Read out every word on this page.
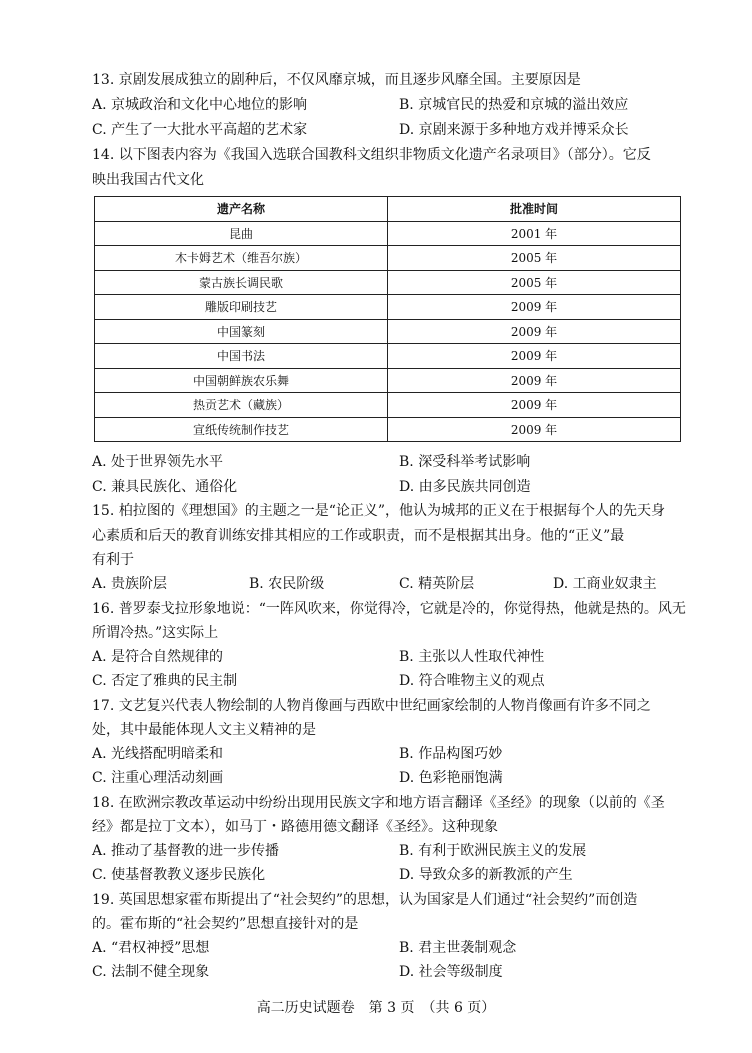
13. 京剧发展成独立的剧种后，不仅风靡京城，而且逐步风靡全国。主要原因是
A. 京城政治和文化中心地位的影响	B. 京城官民的热爱和京城的溢出效应
C. 产生了一大批水平高超的艺术家	D. 京剧来源于多种地方戏并博采众长
14. 以下图表内容为《我国入选联合国教科文组织非物质文化遗产名录项目》（部分）。它反
映出我国古代文化
遗产名称	批准时间
昆曲	2001 年
木卡姆艺术（维吾尔族）	2005 年
蒙古族长调民歌	2005 年
雕版印刷技艺	2009 年
中国篆刻	2009 年
中国书法	2009 年
中国朝鲜族农乐舞	2009 年
热贡艺术（藏族）	2009 年
宣纸传统制作技艺	2009 年
A. 处于世界领先水平	B. 深受科举考试影响
C. 兼具民族化、通俗化	D. 由多民族共同创造
15. 柏拉图的《理想国》的主题之一是“论正义”，他认为城邦的正义在于根据每个人的先天身
心素质和后天的教育训练安排其相应的工作或职责，而不是根据其出身。他的“正义”最
有利于
A. 贵族阶层	B. 农民阶级	C. 精英阶层	D. 工商业奴隶主
16. 普罗泰戈拉形象地说：“一阵风吹来，你觉得冷，它就是冷的，你觉得热，他就是热的。风无
所谓冷热。”这实际上
A. 是符合自然规律的	B. 主张以人性取代神性
C. 否定了雅典的民主制	D. 符合唯物主义的观点
17. 文艺复兴代表人物绘制的人物肖像画与西欧中世纪画家绘制的人物肖像画有许多不同之
处，其中最能体现人文主义精神的是
A. 光线搭配明暗柔和	B. 作品构图巧妙
C. 注重心理活动刻画	D. 色彩艳丽饱满
18. 在欧洲宗教改革运动中纷纷出现用民族文字和地方语言翻译《圣经》的现象（以前的《圣
经》都是拉丁文本），如马丁・路德用德文翻译《圣经》。这种现象
A. 推动了基督教的进一步传播	B. 有利于欧洲民族主义的发展
C. 使基督教教义逐步民族化	D. 导致众多的新教派的产生
19. 英国思想家霍布斯提出了“社会契约”的思想，认为国家是人们通过“社会契约”而创造
的。霍布斯的“社会契约”思想直接针对的是
A. “君权神授”思想	B. 君主世袭制观念
C. 法制不健全现象	D. 社会等级制度
高二历史试题卷　第 3 页　（共 6 页）
